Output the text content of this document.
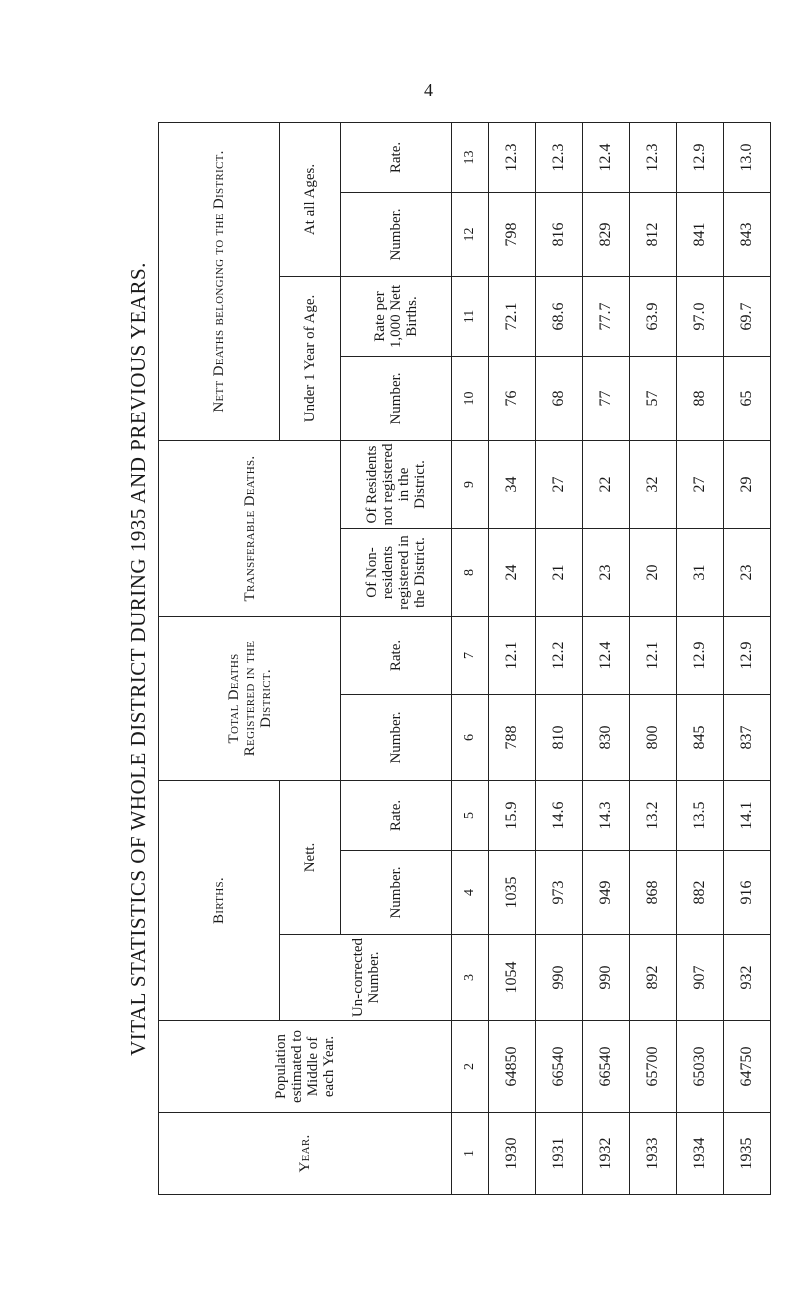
4
VITAL STATISTICS OF WHOLE DISTRICT DURING 1935 AND PREVIOUS YEARS.
Year.	Population estimated to Middle of each Year.	Births.			Total Deaths Registered in the District.		Transferable Deaths.		Nett Deaths belonging to the District.			
		Un-corrected Number.	Nett.						Under 1 Year of Age.		At all Ages.	
			Number.	Rate.	Number.	Rate.	Of Non-residents registered in the District.	Of Residents not registered in the District.	Number.	Rate per 1,000 Nett Births.	Number.	Rate.
1	2	3	4	5	6	7	8	9	10	11	12	13
1930	64850	1054	1035	15.9	788	12.1	24	34	76	72.1	798	12.3
1931	66540	990	973	14.6	810	12.2	21	27	68	68.6	816	12.3
1932	66540	990	949	14.3	830	12.4	23	22	77	77.7	829	12.4
1933	65700	892	868	13.2	800	12.1	20	32	57	63.9	812	12.3
1934	65030	907	882	13.5	845	12.9	31	27	88	97.0	841	12.9
1935	64750	932	916	14.1	837	12.9	23	29	65	69.7	843	13.0
